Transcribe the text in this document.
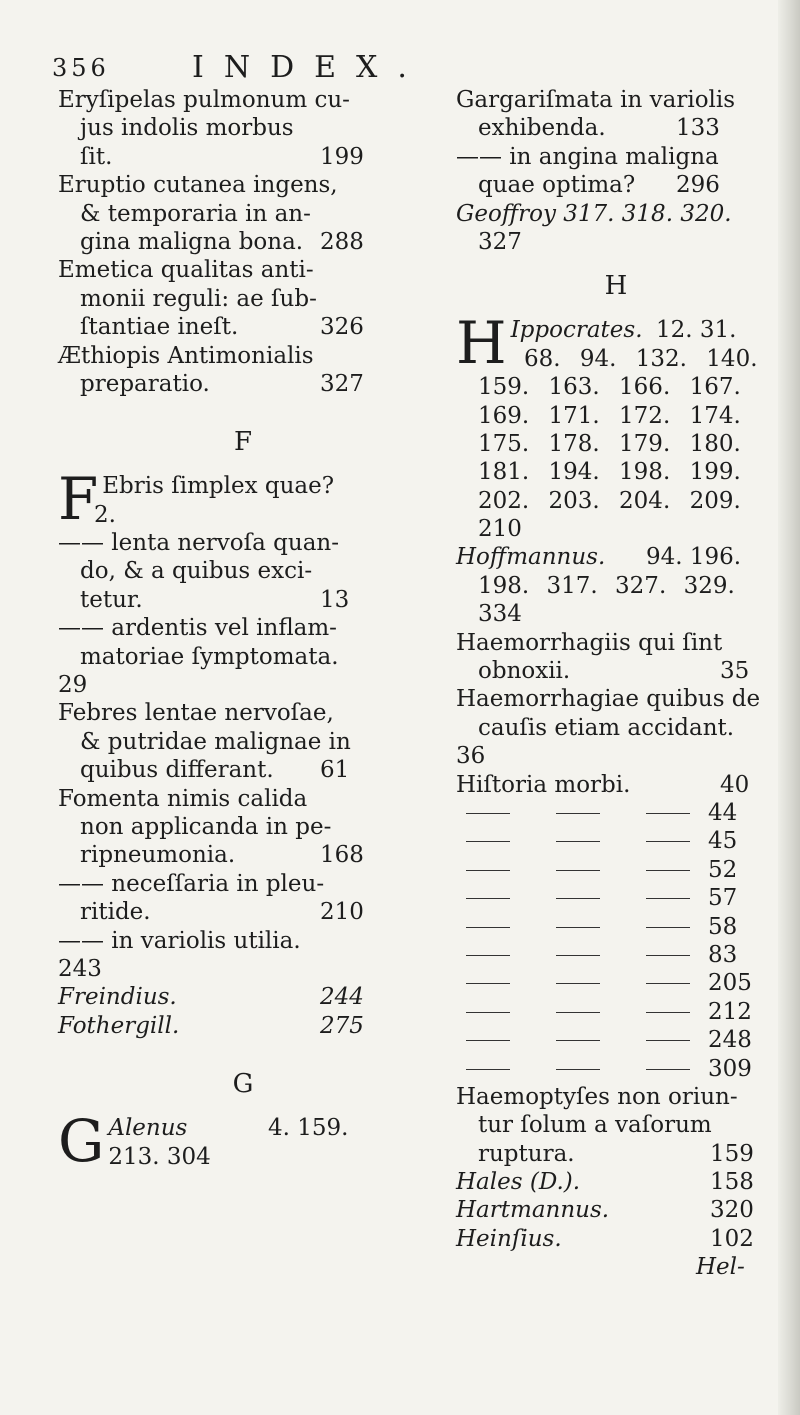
356	INDEX.
Eryſipelas pulmonum cu-
jus indolis morbus
ſit.	199
Eruptio cutanea ingens,
& temporaria in an-
gina maligna bona. 288
Emetica qualitas anti-
monii reguli: ae ſub-
ſtantiae ineſt.	326
Æthiopis Antimonialis
preparatio.	327
F
F Ebris ſimplex quae?
2.
—— lenta nervoſa quan-
do, & a quibus exci-
tetur.	13
—— ardentis vel inflam-
matoriae ſymptomata.
29
Febres lentae nervoſae,
& putridae malignae in
quibus differant. 61
Fomenta nimis calida
non applicanda in pe-
ripneumonia.	168
—— neceſſaria in pleu-
ritide.	210
—— in variolis utilia.
243
Freindius.	244
Fothergill.	275
G
G Alenus	4. 159.
213. 304
Gargariſmata in variolis
exhibenda.	133
—— in angina maligna
quae optima? 296
Geoffroy 317. 318. 320.
327
H
H Ippocrates. 12. 31.
68. 94. 132. 140.
159. 163. 166. 167.
169. 171. 172. 174.
175. 178. 179. 180.
181. 194. 198. 199.
202. 203. 204. 209.
210
Hoffmannus. 94. 196.
198. 317. 327. 329.
334
Haemorrhagiis qui ſint
obnoxii.	35
Haemorrhagiae quibus de
cauſis etiam accidant.
36
Hiſtoria morbi.	40
44
45
52
57
58
83
205
212
248
309
Haemoptyſes non oriun-
tur ſolum a vaſorum
ruptura.	159
Hales (D.).	158
Hartmannus.	320
Heinſius.	102
Hel-
